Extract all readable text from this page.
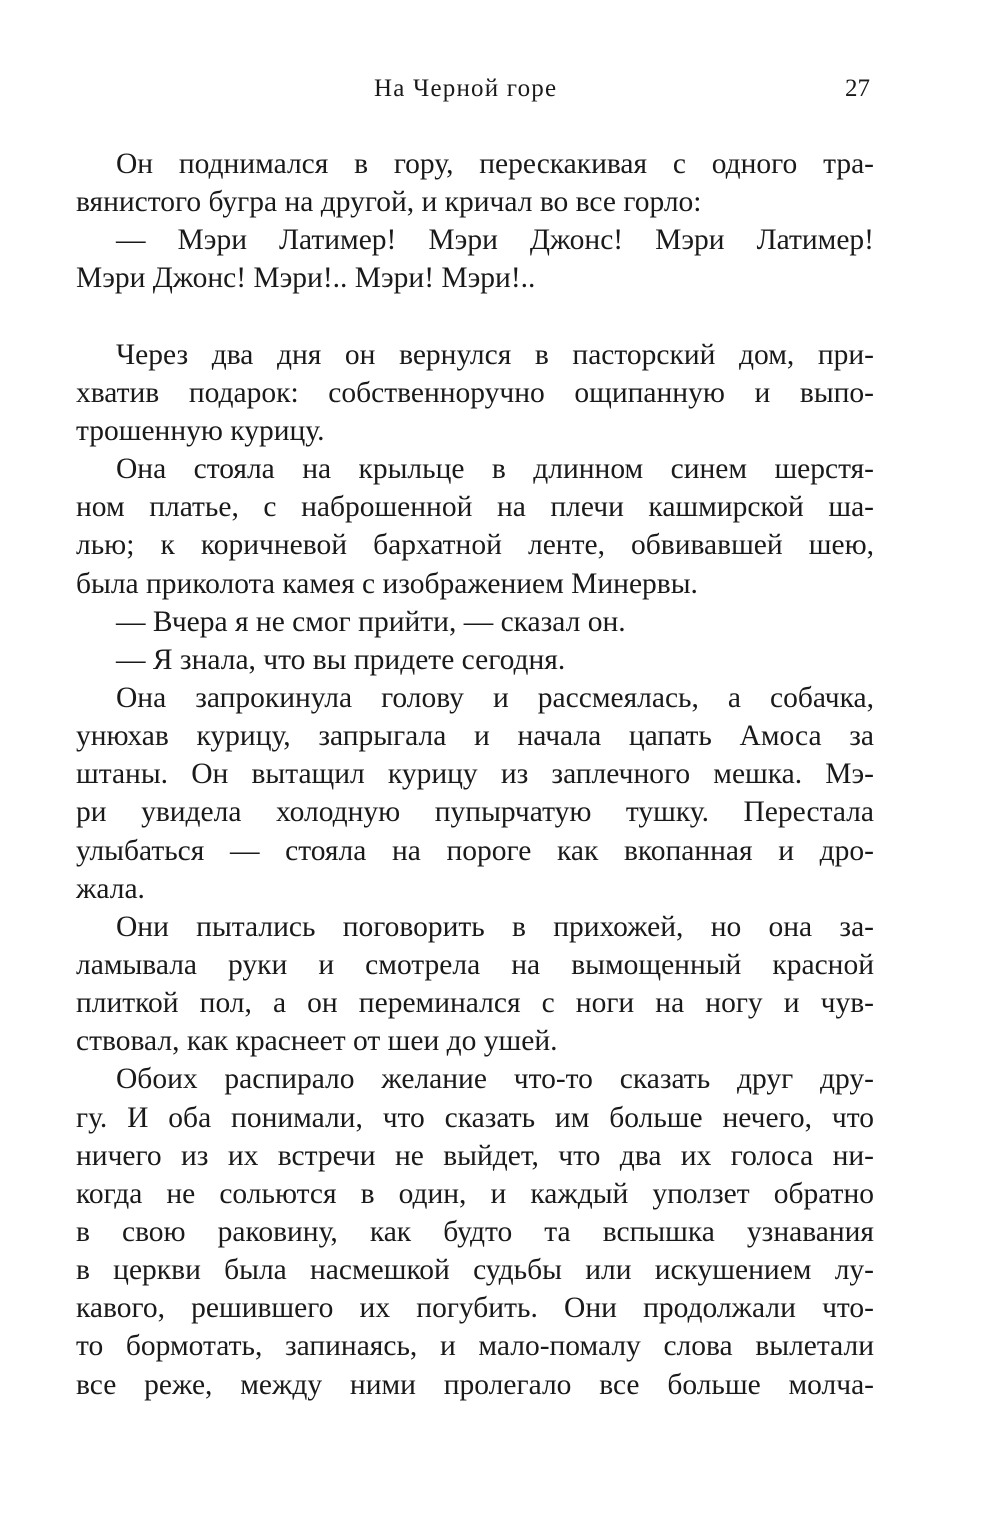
На Черной горе	27
Он поднимался в гору, перескакивая с одного тра-
вянистого бугра на другой, и кричал во все горло:
— Мэри Латимер! Мэри Джонс! Мэри Латимер!
Мэри Джонс! Мэри!.. Мэри! Мэри!..
Через два дня он вернулся в пасторский дом, при-
хватив подарок: собственноручно ощипанную и выпо-
трошенную курицу.
Она стояла на крыльце в длинном синем шерстя-
ном платье, с наброшенной на плечи кашмирской ша-
лью; к коричневой бархатной ленте, обвивавшей шею,
была приколота камея с изображением Минервы.
— Вчера я не смог прийти, — сказал он.
— Я знала, что вы придете сегодня.
Она запрокинула голову и рассмеялась, а собачка,
унюхав курицу, запрыгала и начала цапать Амоса за
штаны. Он вытащил курицу из заплечного мешка. Мэ-
ри увидела холодную пупырчатую тушку. Перестала
улыбаться — стояла на пороге как вкопанная и дро-
жала.
Они пытались поговорить в прихожей, но она за-
ламывала руки и смотрела на вымощенный красной
плиткой пол, а он переминался с ноги на ногу и чув-
ствовал, как краснеет от шеи до ушей.
Обоих распирало желание что-то сказать друг дру-
гу. И оба понимали, что сказать им больше нечего, что
ничего из их встречи не выйдет, что два их голоса ни-
когда не сольются в один, и каждый уползет обратно
в свою раковину, как будто та вспышка узнавания
в церкви была насмешкой судьбы или искушением лу-
кавого, решившего их погубить. Они продолжали что-
то бормотать, запинаясь, и мало-помалу слова вылетали
все реже, между ними пролегало все больше молча-
